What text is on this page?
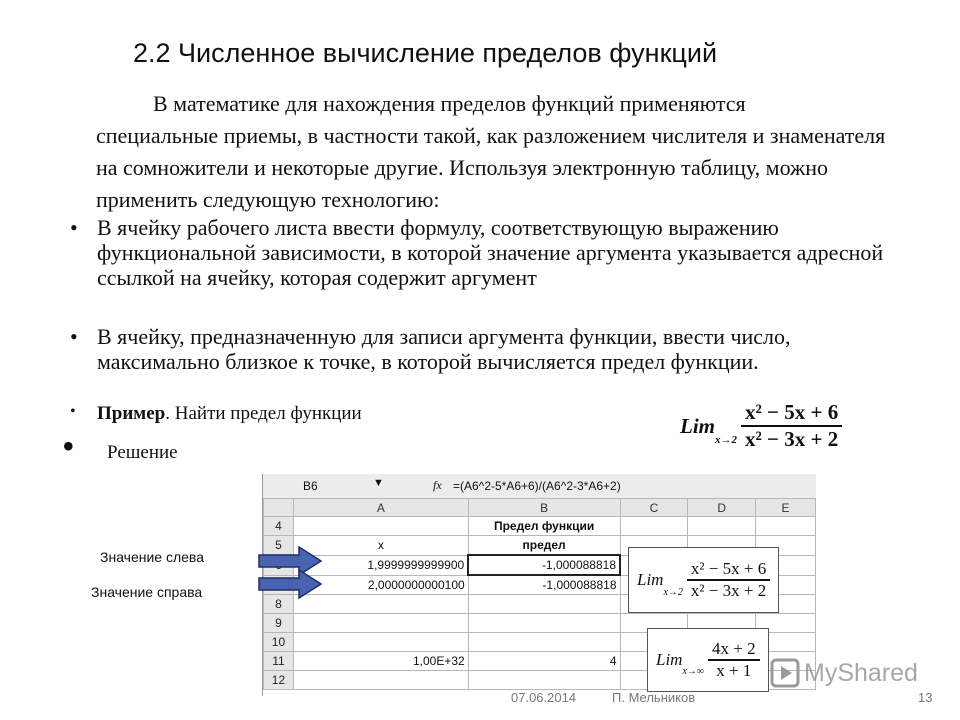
2.2 Численное вычисление пределов функций
В математике для нахождения пределов функций применяются
специальные приемы, в частности такой, как разложением числителя и знаменателя на сомножители и некоторые другие. Используя электронную таблицу, можно применить следующую технологию:
• В ячейку рабочего листа ввести формулу, соответствующую выражению функциональной зависимости, в которой значение аргумента указывается адресной ссылкой на ячейку, которая содержит аргумент
• В ячейку, предназначенную для записи аргумента функции, ввести число, максимально близкое к точке, в которой вычисляется предел функции.
• Пример. Найти предел функции	Lim
$x\to 2 \frac{\text{x² − 5x + 6}}{\text{x² − 3x + 2}}$
• Решение
B6	▼	fx =(A6^2-5*A6+6)/(A6^2-3*A6+2)
	A	B	C	D	E
4		Предел функции			
5	x	предел			
	1,9999999999900	-1,000088818			
	2,0000000000100	-1,000088818			
8					
9					
10					
11	1,00E+32	4			
12					
Lim
$x\to 2 \frac{\text{x² − 5x + 6}}{\text{x² − 3x + 2}}$
Lim
$x\to\infty \frac{4x + 2}{x + 1}$
Значение слева
Значение справа
MyShared
07.06.2014	П. Мельников	13
